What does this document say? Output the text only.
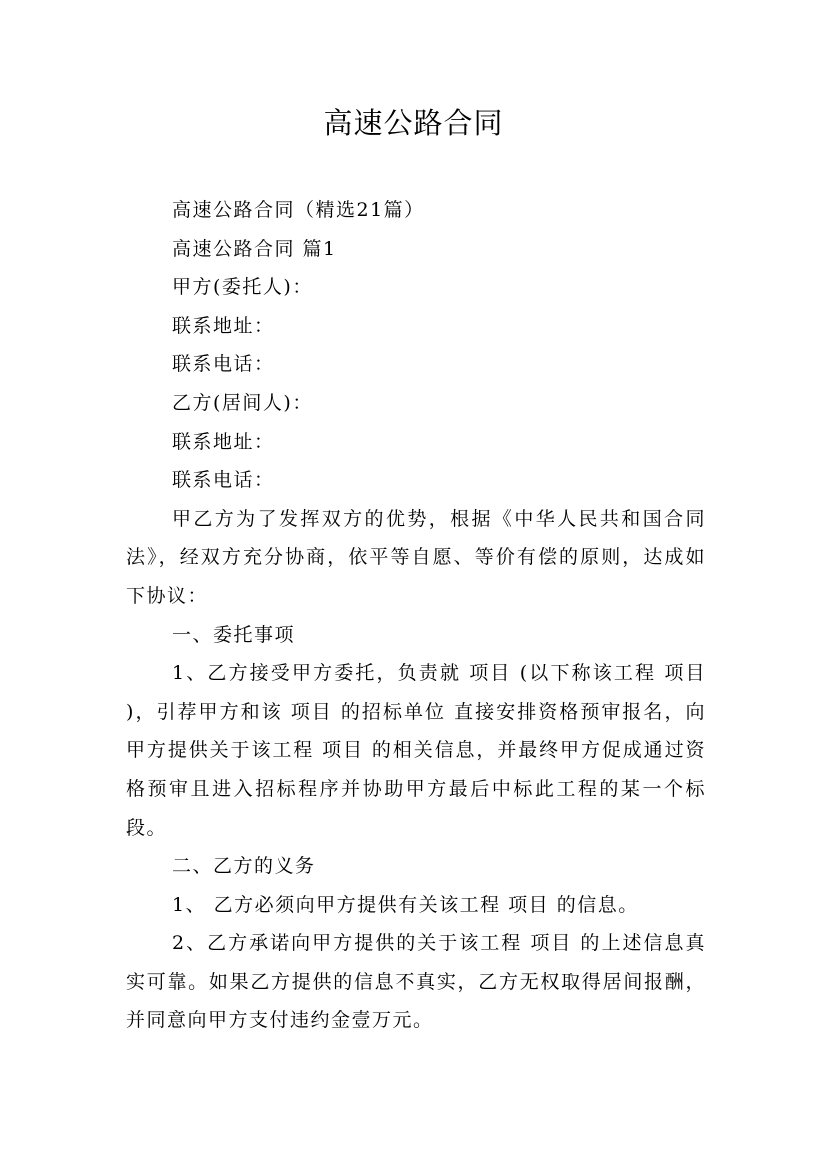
高速公路合同

高速公路合同（精选21篇）

高速公路合同 篇1

甲方(委托人)：

联系地址：

联系电话：

乙方(居间人)：

联系地址：

联系电话：

甲乙方为了发挥双方的优势，根据《中华人民共和国合同法》，经双方充分协商，依平等自愿、等价有偿的原则，达成如下协议：

一、委托事项

1、乙方接受甲方委托，负责就 项目 (以下称该工程 项目 )，引荐甲方和该 项目 的招标单位 直接安排资格预审报名，向甲方提供关于该工程 项目 的相关信息，并最终甲方促成通过资格预审且进入招标程序并协助甲方最后中标此工程的某一个标段。

二、乙方的义务

1、 乙方必须向甲方提供有关该工程 项目 的信息。

2、乙方承诺向甲方提供的关于该工程 项目 的上述信息真实可靠。如果乙方提供的信息不真实，乙方无权取得居间报酬，并同意向甲方支付违约金壹万元。
